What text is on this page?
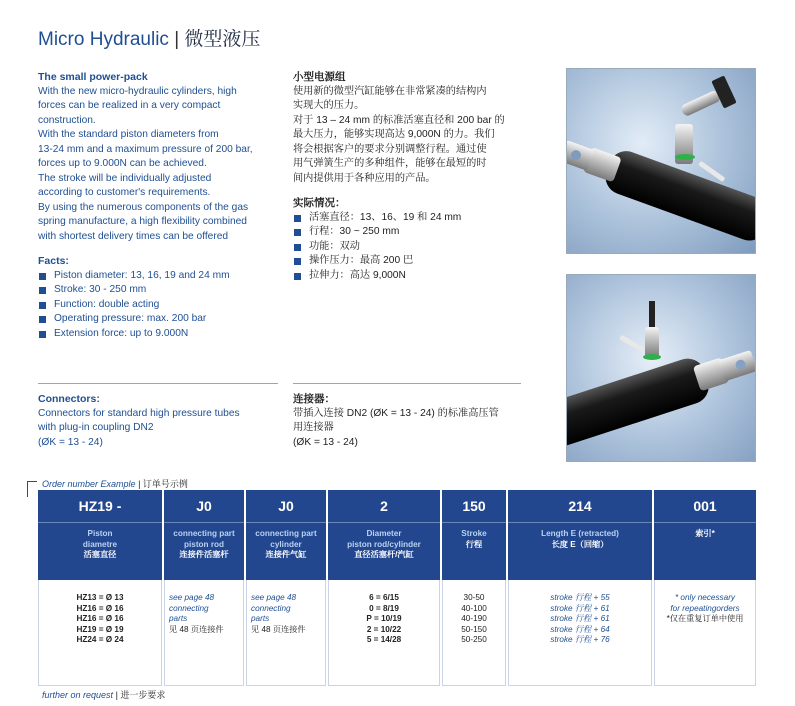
Micro Hydraulic | 微型液压
The small power-pack
With the new micro-hydraulic cylinders, high
forces can be realized in a very compact
construction.
With the standard piston diameters from
13-24 mm and a maximum pressure of 200 bar,
forces up to 9.000N can be achieved.
The stroke will be individually adjusted
according to customer's requirements.
By using the numerous components of the gas
spring manufacture, a high flexibility combined
with shortest delivery times can be offered
Facts:
Piston diameter: 13, 16, 19 and 24 mm
Stroke: 30 - 250 mm
Function: double acting
Operating pressure: max. 200 bar
Extension force: up to 9.000N
小型电源组
使用新的微型汽缸能够在非常紧凑的结构内
实现大的压力。
对于 13 – 24 mm 的标准活塞直径和 200 bar 的
最大压力，能够实现高达 9,000N 的力。我们
将会根据客户的要求分别调整行程。通过使
用气弹簧生产的多种组件，能够在最短的时
间内提供用于各种应用的产品。
实际情况：
活塞直径：13、16、19 和 24 mm
行程：30 ~ 250 mm
功能：双动
操作压力：最高 200 巴
拉伸力：高达 9,000N
Connectors:
Connectors for standard high pressure tubes
with plug-in coupling DN2
(ØK = 13 - 24)
连接器：
带插入连接 DN2 (ØK = 13 - 24) 的标准高压管
用连接器
(ØK = 13 - 24)
Order number Example | 订单号示例
HZ19 -
Piston
diametre
活塞直径
HZ13 = Ø 13
HZ16 = Ø 16
HZ16 = Ø 16
HZ19 = Ø 19
HZ24 = Ø 24
J0
connecting part
piston rod
连接件活塞杆
see page 48
connecting
parts
见 48 页连接件
J0
connecting part
cylinder
连接件气缸
see page 48
connecting
parts
见 48 页连接件
2
Diameter
piston rod/cylinder
直径活塞杆/汽缸
6 = 6/15
0 = 8/19
P = 10/19
2 = 10/22
5 = 14/28
150
Stroke
行程
30-50
40-100
40-190
50-150
50-250
214
Length E (retracted)
长度 E（回缩）
stroke 行程 + 55
stroke 行程 + 61
stroke 行程 + 61
stroke 行程 + 64
stroke 行程 + 76
001
索引*
* only necessary
for repeatingorders
*仅在重复订单中使用
further on request | 进一步要求
